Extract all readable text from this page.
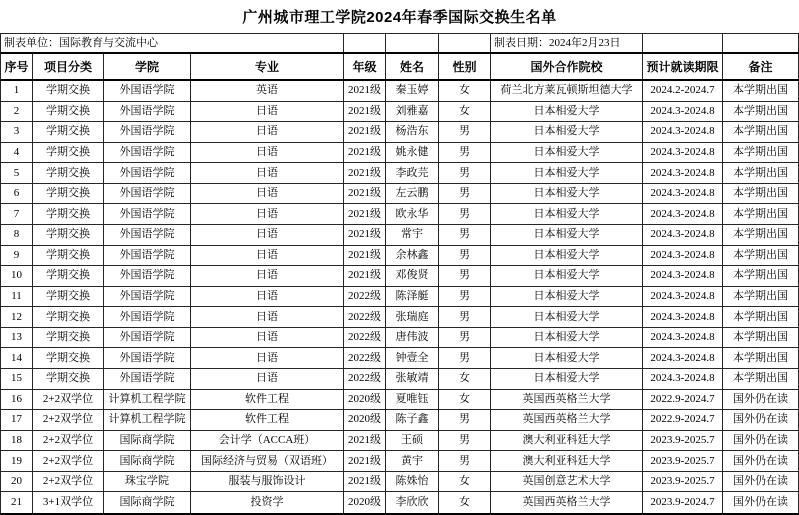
广州城市理工学院2024年春季国际交换生名单
制表单位：国际教育与交流中心	制表日期：2024年2月23日
序号	项目分类	学院	专业	年级	姓名	性别	国外合作院校	预计就读期限	备注
1	学期交换	外国语学院	英语	2021级	秦玉婷	女	荷兰北方莱瓦顿斯坦德大学	2024.2-2024.7	本学期出国
2	学期交换	外国语学院	日语	2021级	刘雅嘉	女	日本相爱大学	2024.3-2024.8	本学期出国
3	学期交换	外国语学院	日语	2021级	杨浩东	男	日本相爱大学	2024.3-2024.8	本学期出国
4	学期交换	外国语学院	日语	2021级	姚永健	男	日本相爱大学	2024.3-2024.8	本学期出国
5	学期交换	外国语学院	日语	2021级	李政芫	男	日本相爱大学	2024.3-2024.8	本学期出国
6	学期交换	外国语学院	日语	2021级	左云鹏	男	日本相爱大学	2024.3-2024.8	本学期出国
7	学期交换	外国语学院	日语	2021级	欧永华	男	日本相爱大学	2024.3-2024.8	本学期出国
8	学期交换	外国语学院	日语	2021级	常宇	男	日本相爱大学	2024.3-2024.8	本学期出国
9	学期交换	外国语学院	日语	2021级	余林鑫	男	日本相爱大学	2024.3-2024.8	本学期出国
10	学期交换	外国语学院	日语	2021级	邓俊贤	男	日本相爱大学	2024.3-2024.8	本学期出国
11	学期交换	外国语学院	日语	2022级	陈泽艇	男	日本相爱大学	2024.3-2024.8	本学期出国
12	学期交换	外国语学院	日语	2022级	张瑞庭	男	日本相爱大学	2024.3-2024.8	本学期出国
13	学期交换	外国语学院	日语	2022级	唐伟波	男	日本相爱大学	2024.3-2024.8	本学期出国
14	学期交换	外国语学院	日语	2022级	钟壹全	男	日本相爱大学	2024.3-2024.8	本学期出国
15	学期交换	外国语学院	日语	2022级	张敏靖	女	日本相爱大学	2024.3-2024.8	本学期出国
16	2+2双学位	计算机工程学院	软件工程	2020级	夏唯钰	女	英国西英格兰大学	2022.9-2024.7	国外仍在读
17	2+2双学位	计算机工程学院	软件工程	2020级	陈子鑫	男	英国西英格兰大学	2022.9-2024.7	国外仍在读
18	2+2双学位	国际商学院	会计学（ACCA班）	2021级	王硕	男	澳大利亚科廷大学	2023.9-2025.7	国外仍在读
19	2+2双学位	国际商学院	国际经济与贸易（双语班）	2021级	黄宇	男	澳大利亚科廷大学	2023.9-2025.7	国外仍在读
20	2+2双学位	珠宝学院	服装与服饰设计	2021级	陈姝怡	女	英国创意艺术大学	2023.9-2025.7	国外仍在读
21	3+1双学位	国际商学院	投资学	2020级	李欣欣	女	英国西英格兰大学	2023.9-2024.7	国外仍在读
